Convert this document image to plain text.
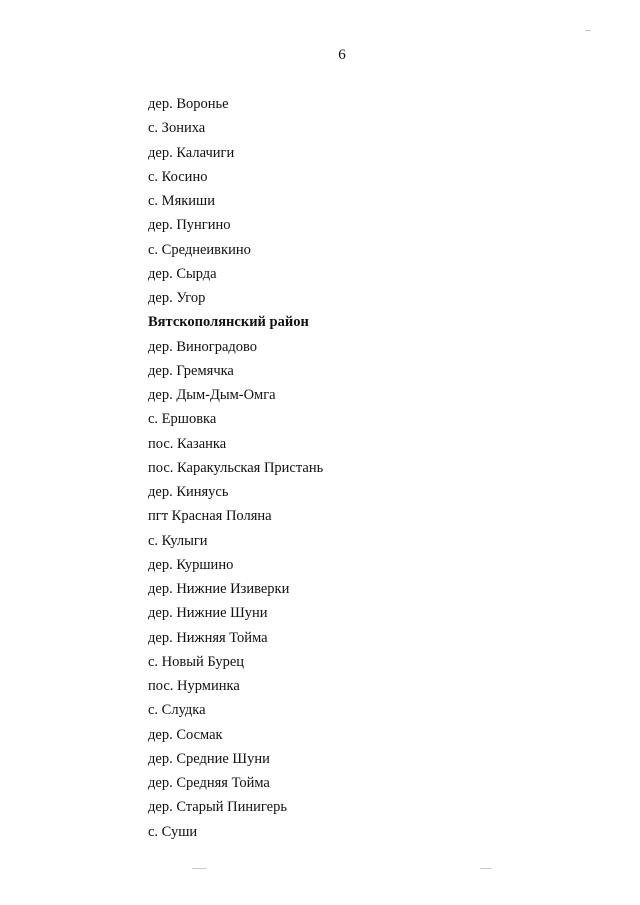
6
дер. Воронье
с. Зониха
дер. Калачиги
с. Косино
с. Мякиши
дер. Пунгино
с. Среднеивкино
дер. Сырда
дер. Угор
Вятскополянский район
дер. Виноградово
дер. Гремячка
дер. Дым-Дым-Омга
с. Ершовка
пос. Казанка
пос. Каракульская Пристань
дер. Киняусь
пгт Красная Поляна
с. Кулыги
дер. Куршино
дер. Нижние Изиверки
дер. Нижние Шуни
дер. Нижняя Тойма
с. Новый Бурец
пос. Нурминка
с. Слудка
дер. Сосмак
дер. Средние Шуни
дер. Средняя Тойма
дер. Старый Пинигерь
с. Суши
